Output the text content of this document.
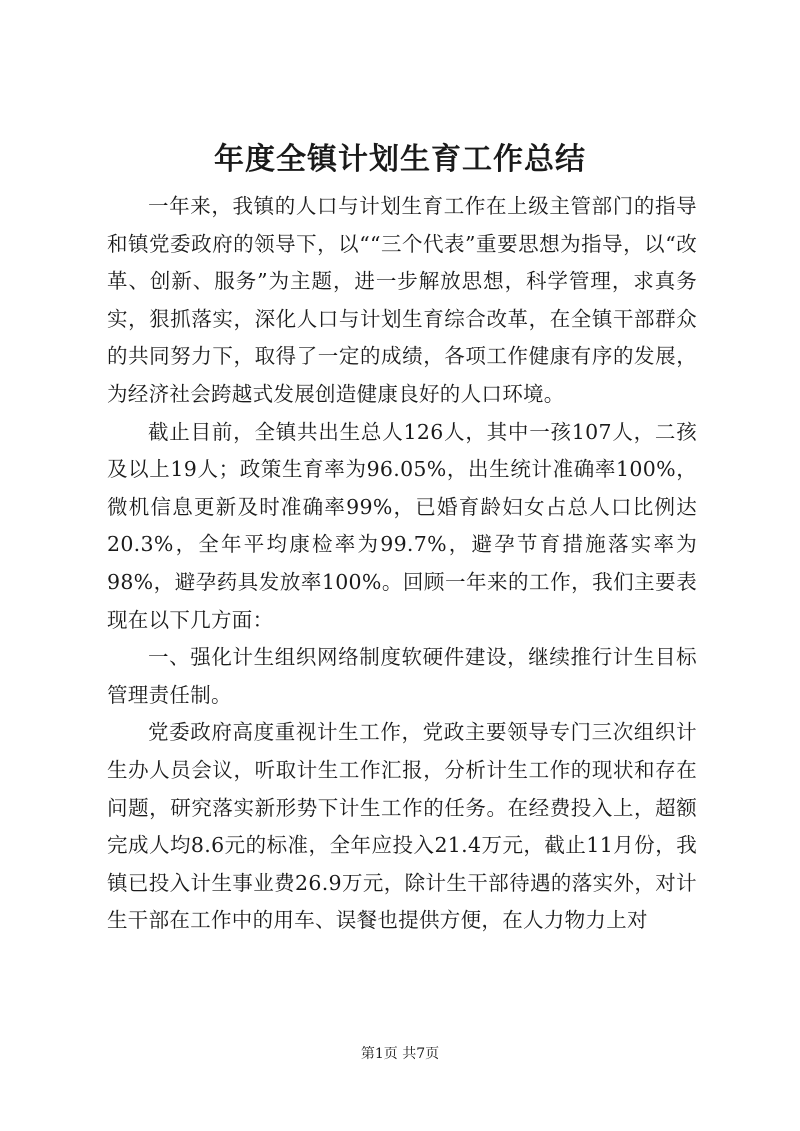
年度全镇计划生育工作总结

一年来，我镇的人口与计划生育工作在上级主管部门的指导和镇党委政府的领导下，以““三个代表”重要思想为指导，以“改革、创新、服务”为主题，进一步解放思想，科学管理，求真务实，狠抓落实，深化人口与计划生育综合改革，在全镇干部群众的共同努力下，取得了一定的成绩，各项工作健康有序的发展，为经济社会跨越式发展创造健康良好的人口环境。

截止目前，全镇共出生总人126人，其中一孩107人，二孩及以上19人；政策生育率为96.05%，出生统计准确率100%，微机信息更新及时准确率99%，已婚育龄妇女占总人口比例达20.3%，全年平均康检率为99.7%，避孕节育措施落实率为98%，避孕药具发放率100%。回顾一年来的工作，我们主要表现在以下几方面：

一、强化计生组织网络制度软硬件建设，继续推行计生目标管理责任制。

党委政府高度重视计生工作，党政主要领导专门三次组织计生办人员会议，听取计生工作汇报，分析计生工作的现状和存在问题，研究落实新形势下计生工作的任务。在经费投入上，超额完成人均8.6元的标准，全年应投入21.4万元，截止11月份，我镇已投入计生事业费26.9万元，除计生干部待遇的落实外，对计生干部在工作中的用车、误餐也提供方便，在人力物力上对

第1页 共7页
